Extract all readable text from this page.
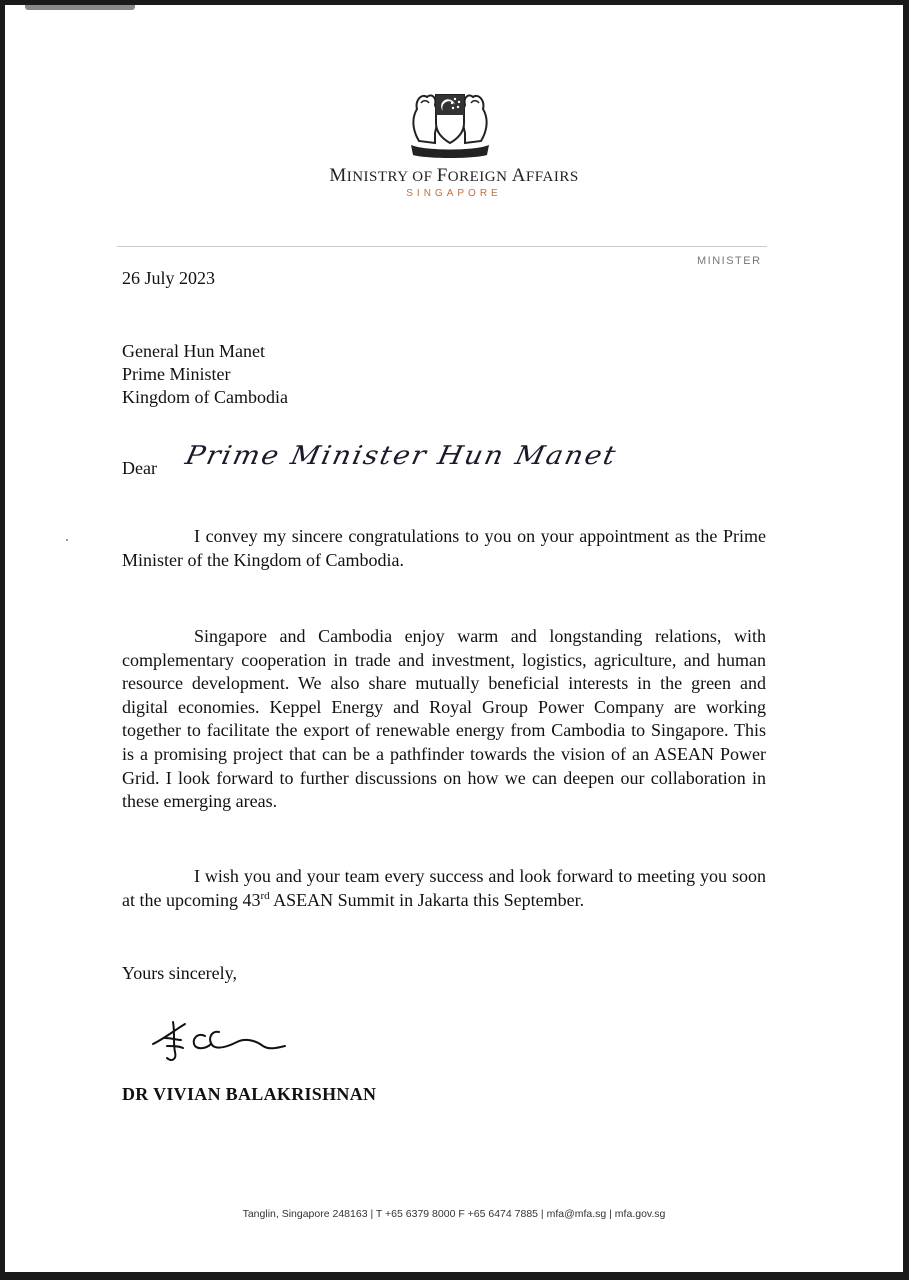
MINISTRY OF FOREIGN AFFAIRS
SINGAPORE
MINISTER
26 July 2023
General Hun Manet
Prime Minister
Kingdom of Cambodia
Dear Prime Minister Hun Manet
I convey my sincere congratulations to you on your appointment as the Prime Minister of the Kingdom of Cambodia.
Singapore and Cambodia enjoy warm and longstanding relations, with complementary cooperation in trade and investment, logistics, agriculture, and human resource development. We also share mutually beneficial interests in the green and digital economies. Keppel Energy and Royal Group Power Company are working together to facilitate the export of renewable energy from Cambodia to Singapore. This is a promising project that can be a pathfinder towards the vision of an ASEAN Power Grid. I look forward to further discussions on how we can deepen our collaboration in these emerging areas.
I wish you and your team every success and look forward to meeting you soon at the upcoming 43rd ASEAN Summit in Jakarta this September.
Yours sincerely,
DR VIVIAN BALAKRISHNAN
Tanglin, Singapore 248163 | T +65 6379 8000 F +65 6474 7885 | mfa@mfa.sg | mfa.gov.sg
